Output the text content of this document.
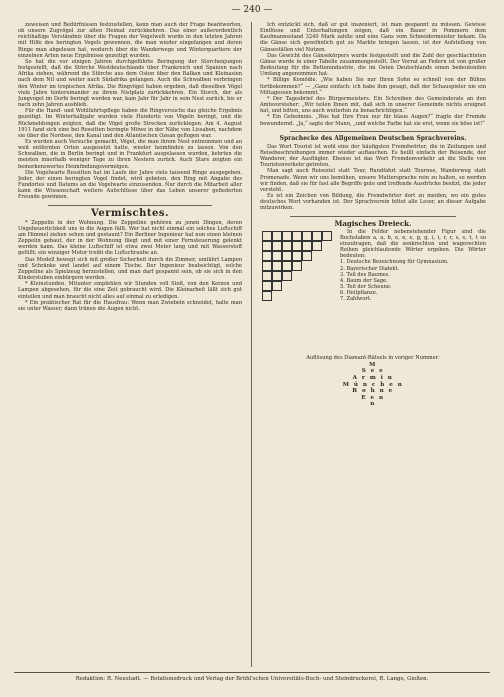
— 240 —

zuweisen und Bedürfnissen festzustellen, kann man auch der Frage beantworten, ob unsere Zugvögel zur alten Heimat zurückkehren. Das einer außerordentlich reichhaltige Verständnis über die Fragen der Vogelwelt wurde in den letzten Jahren mit Hilfe des beringten Vogels gewonnen, die man wieder eingefangen und deren Ringe man abgelesen hat, wodurch über die Wanderwege und Winterquartiere der einzelnen Arten neue Ergebnisse gezeitigt wurden.

So hat die vor einigen Jahren durchgeführte Beringung der Storchenjungen festgestellt, daß die Störche Westdeutschlands über Frankreich und Spanien nach Afrika ziehen, während die Störche aus dem Osten über den Balkan und Kleinasien nach dem Nil und weiter nach Südafrika gelangen. Auch die Schwalben verbringen den Winter im tropischen Afrika. Die Ringvögel haben ergeben, daß dieselben Vögel viele Jahre hintereinander zu ihrem Nistplatz zurückkehren. Ein Storch, der als Jungvogel im Dorfe beringt worden war, kam Jahr für Jahr in sein Nest zurück, bis er nach zehn Jahren ausblieb.

Für die Hand- und Wohlfahrtspflege haben die Ringversuche das gleiche Ergebnis gezeitigt. Im Winterhalbjahr wurden viele Hunderte von Vögeln beringt, und die Rückmeldungen zeigten, daß die Vögel große Strecken zurücklegen. Am 4. August 1911 fand sich eine bei Rossitten beringte Möwe in der Nähe von Lissabon, nachdem sie über die Nordsee, den Kanal und den Atlantischen Ozean geflogen war.

Es wurden auch Versuche gemacht, Vögel, die man ihrem Nest entnommen und an weit entfernten Orten ausgesetzt hatte, wieder heimfinden zu lassen. Von den Schwalben, die in Berlin beringt und in Frankfurt ausgelassen wurden, kehrten die meisten innerhalb weniger Tage zu ihren Nestern zurück. Auch Stare zeigten ein bemerkenswertes Heimfindungsvermögen.

Die Vogelwarte Rossitten hat im Laufe der Jahre viele tausend Ringe ausgegeben. Jeder, der einen beringten Vogel findet, wird gebeten, den Ring mit Angabe des Fundortes und Datums an die Vogelwarte einzusenden. Nur durch die Mitarbeit aller kann die Wissenschaft weitere Aufschlüsse über das Leben unserer gefiederten Freunde gewinnen.

Vermischtes.

* Zeppelin in der Wohnung. Die Zeppeline gehören zu jenen Dingen, deren Ungeheuerlichkeit uns in die Augen fällt. Wer hat nicht einmal ein solches Luftschiff am Himmel ziehen sehen und gestaunt? Ein Berliner Ingenieur hat nun einen kleinen Zeppelin gebaut, der in der Wohnung fliegt und mit einer Fernsteuerung gelenkt werden kann. Das kleine Luftschiff ist etwa zwei Meter lang und mit Wasserstoff gefüllt; ein winziger Motor treibt die Luftschraube an.

Das Modell bewegt sich mit großer Sicherheit durch die Zimmer, umfährt Lampen und Schränke und landet auf einem Tische. Der Ingenieur beabsichtigt, solche Zeppeline als Spielzeug herzustellen, und man darf gespannt sein, ob sie sich in den Kinderstuben einbürgern werden.

* Kleinstunden. Mitunter empfehlen wir Stunden voll Stoß, von den Kerzen und Lampen abgesehen, für die eine Zeit gebraucht wird. Die Kleinarbeit läßt sich gut einteilen und man braucht nicht alles auf einmal zu erledigen.

* Ein praktischer Rat für die Hausfrau: Wenn man Zwiebeln schneidet, halte man sie unter Wasser; dann tränen die Augen nicht.

Ich entzückt sich, daß er gut inszeniert, ist man gespannt zu müssen. Gewisse Einflüsse und Unterhaltungen zeigen, daß ein Bauer in Pommern dem Kaufmannsstand 3240 Mark zahlte und eine Gans vom Schneidermeister bekam. Da die Gänse sich gewöhnlich gut zu Markte bringen lassen, ist der Aufstellung von Gänseställen viel Nutzen.

Das Gewicht des Gänsekörpers wurde festgestellt und die Zahl der geschlachteten Gänse wurde in einer Tabelle zusammengestellt. Der Vorrat an Federn ist von großer Bedeutung für die Bettenindustrie, die im Osten Deutschlands einen bedeutenden Umfang angenommen hat.

* Billige Komödie. „Wie haben Sie nur Ihren Sohn so schnell von der Bühne fortbekommen?“ — „Ganz einfach: ich habe ihm gesagt, daß der Schauspieler nie ein Mittagessen bekommt.“

* Der Tagesbrief des Bürgermeisters. Ein Schreiben des Gemeinderats an den Amtsvorsteher: „Wir teilen Ihnen mit, daß sich in unserer Gemeinde nichts ereignet hat, und bitten, uns auch weiterhin zu benachrichtigen.“

* Ein Geheimnis. „Was hat Ihre Frau nur für blaue Augen?“ fragte der Fremde bewundernd. „Ja,“ sagte der Mann, „und welche Farbe hat sie erst, wenn sie böse ist!“

Sprachecke des Allgemeinen Deutschen Sprachvereins.

Das Wort Tourist ist wohl eins der häufigsten Fremdwörter, die in Zeitungen und Reisebeschreibungen immer wieder auftauchen. Es heißt einfach der Reisende, der Wanderer, der Ausflügler. Ebenso ist das Wort Fremdenverkehr an die Stelle von Touristenverkehr getreten.

Man sagt auch Reiseziel statt Tour, Rundfahrt statt Tournee, Wanderweg statt Promenade. Wenn wir uns bemühen, unsere Muttersprache rein zu halten, so werden wir finden, daß sie für fast alle Begriffe gute und treffende Ausdrücke besitzt, die jeder versteht.

Es ist ein Zeichen von Bildung, die Fremdwörter dort zu meiden, wo ein gutes deutsches Wort vorhanden ist. Der Sprachverein bittet alle Leser, an dieser Aufgabe mitzuwirken.

Magisches Dreieck.

In die Felder nebenstehender Figur sind die Buchstaben a, a, b, e, e, e, g, g, i, i, r, r, s, s, t, t so einzutragen, daß die senkrechten und wagerechten Reihen gleichlautende Wörter ergeben. Die Wörter bedeuten:

1. Deutsche Bezeichnung für Gymnasium.
2. Bayerischer Dialekt.
3. Teil des Baumes.
4. Baum der Sage.
5. Teil der Scheune.
6. Heilpflanze.
7. Zahlwort.
Auflösung des Diamant-Rätsels in voriger Nummer:
M
S e e
A r m i n
M ü n c h e n
B o h n e
E e n
n
Redaktion: R. Neustadt. — Rotationsdruck und Verlag der Brühl'schen Universitäts-Buch- und Steindruckerei, R. Lange, Gießen.
